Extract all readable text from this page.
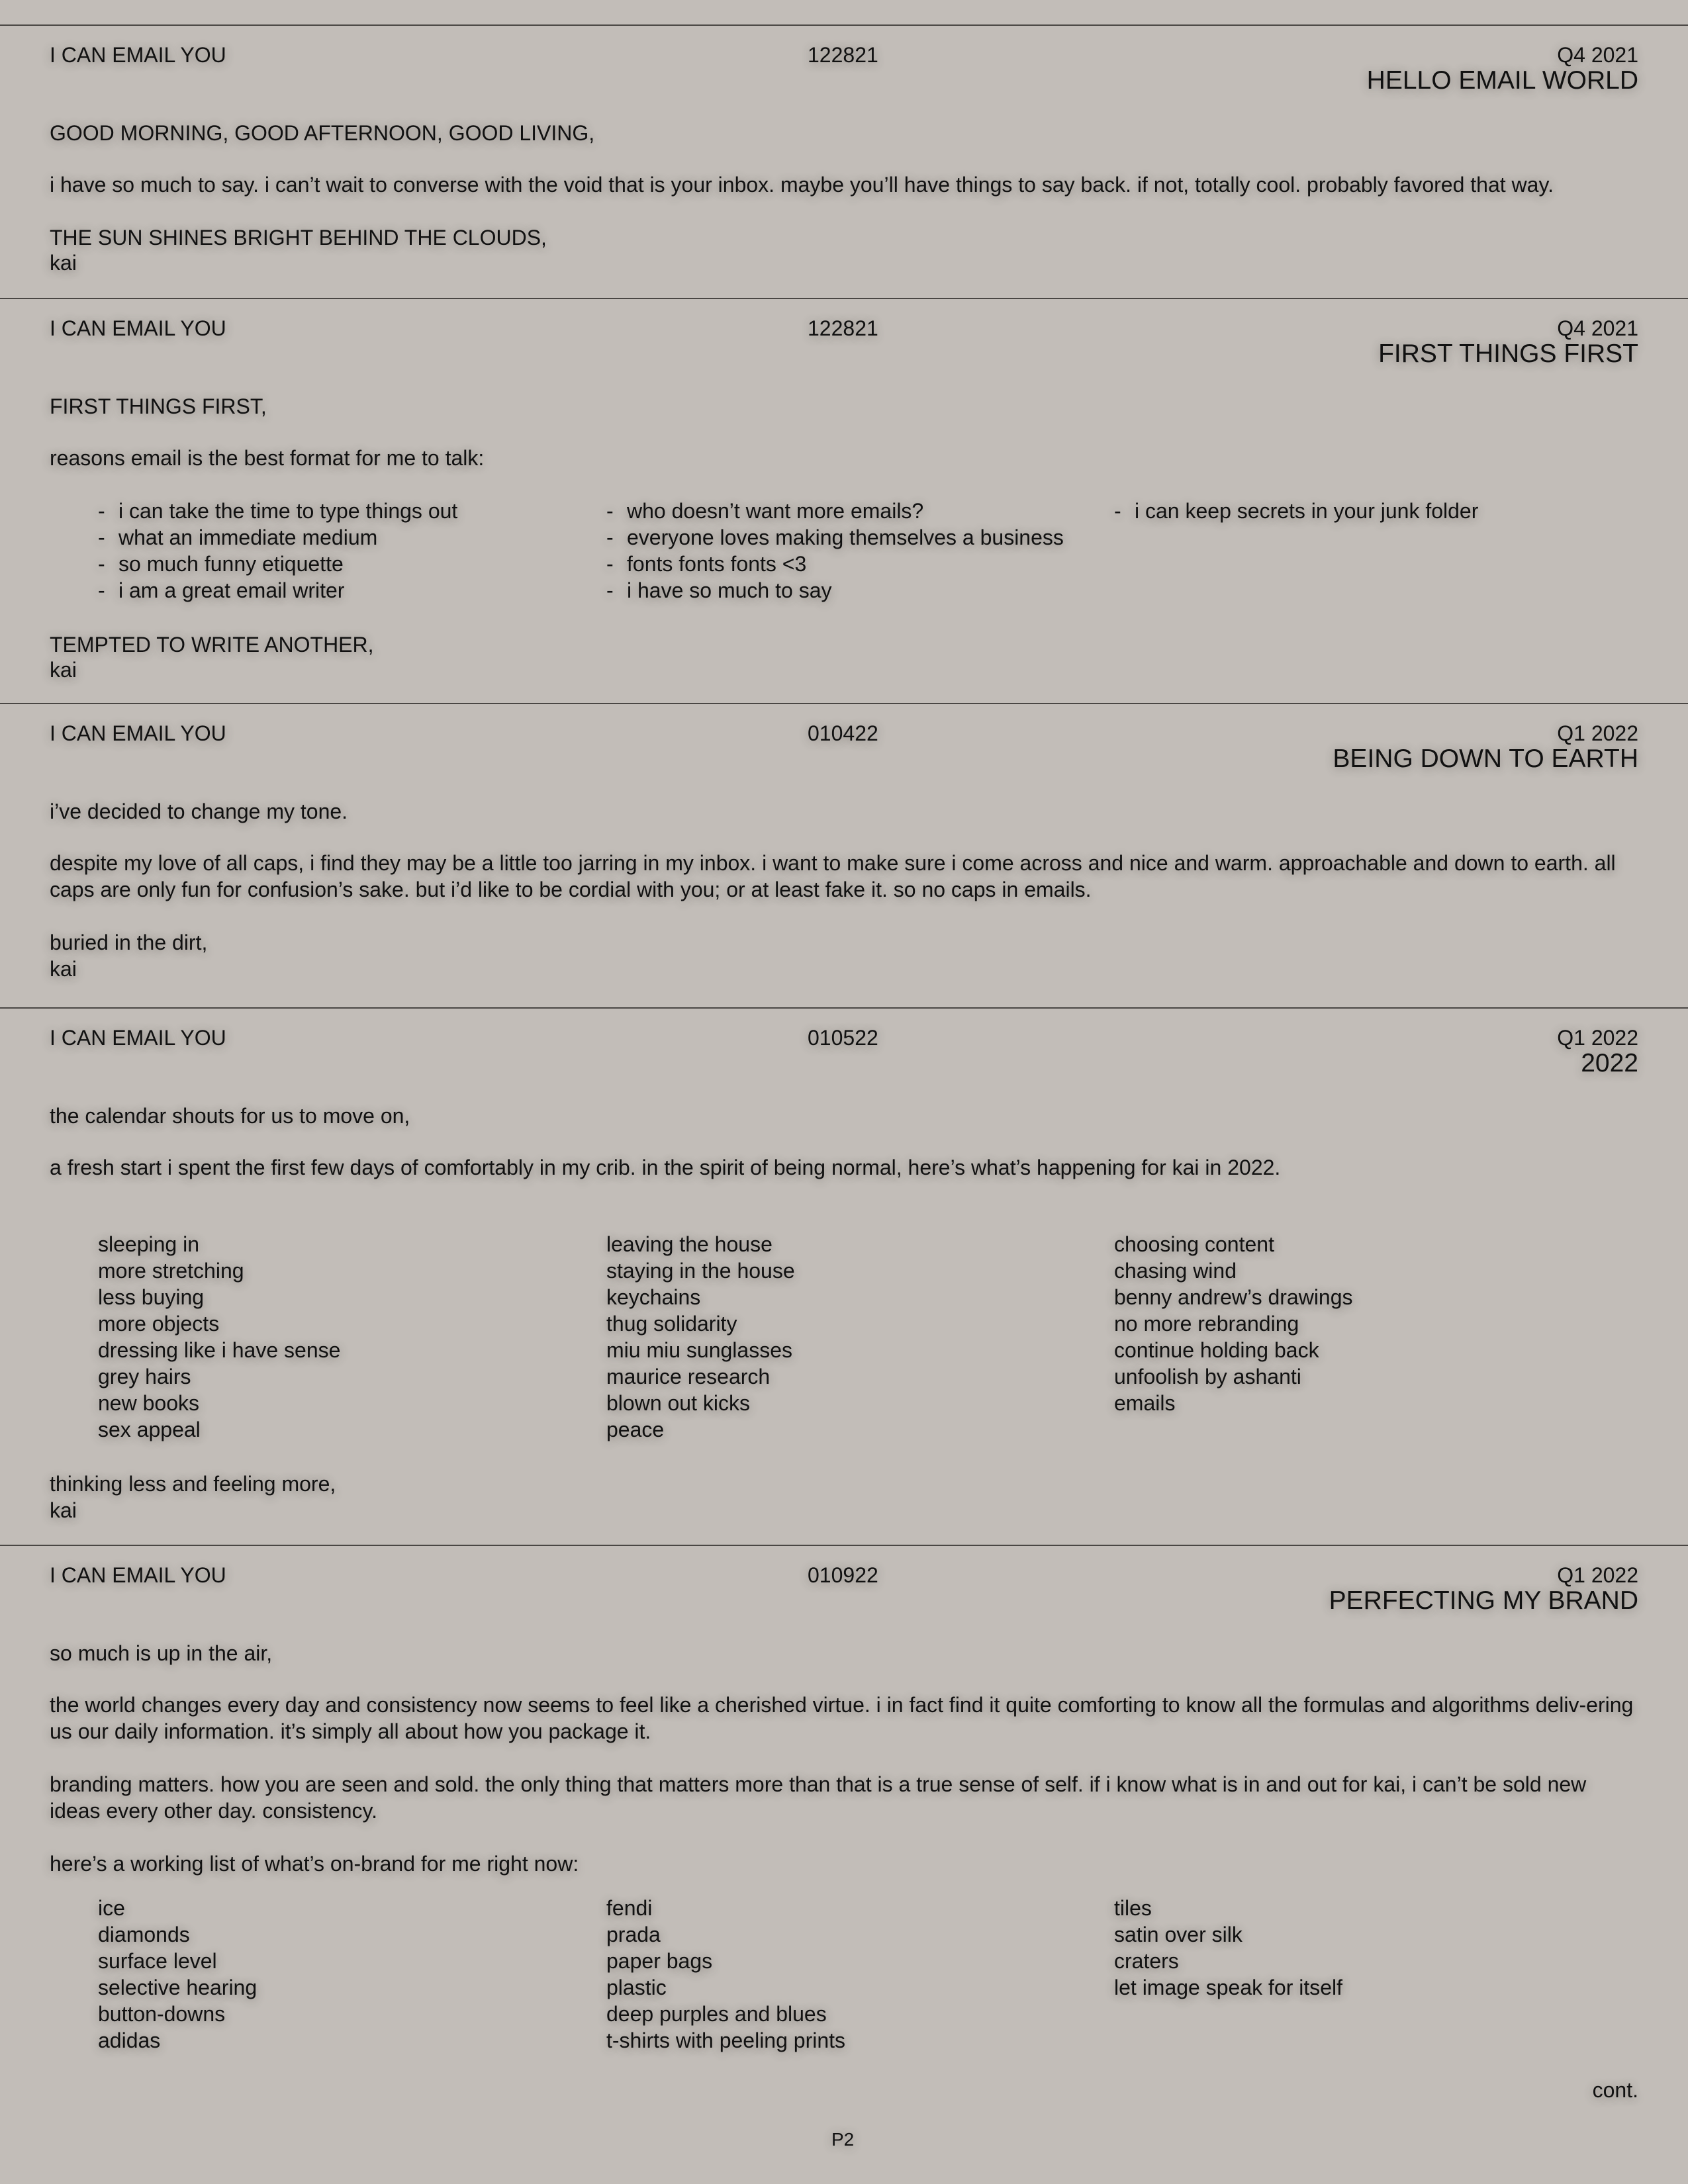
I CAN EMAIL YOU	122821	Q4 2021
HELLO EMAIL WORLD
GOOD MORNING, GOOD AFTERNOON, GOOD LIVING,
i have so much to say. i can’t wait to converse with the void that is your inbox. maybe you’ll have things to say back. if not, totally cool. probably favored that way.
THE SUN SHINES BRIGHT BEHIND THE CLOUDS,
kai
I CAN EMAIL YOU	122821	Q4 2021
FIRST THINGS FIRST
FIRST THINGS FIRST,
reasons email is the best format for me to talk:
- i can take the time to type things out
- what an immediate medium
- so much funny etiquette
- i am a great email writer
- who doesn’t want more emails?
- everyone loves making themselves a business
- fonts fonts fonts <3
- i have so much to say
- i can keep secrets in your junk folder
TEMPTED TO WRITE ANOTHER,
kai
I CAN EMAIL YOU	010422	Q1 2022
BEING DOWN TO EARTH
i’ve decided to change my tone.
despite my love of all caps, i find they may be a little too jarring in my inbox. i want to make sure i come across and nice and warm. approachable and down to earth. all caps are only fun for confusion’s sake. but i’d like to be cordial with you; or at least fake it. so no caps in emails.
buried in the dirt,
kai
I CAN EMAIL YOU	010522	Q1 2022
2022
the calendar shouts for us to move on,
a fresh start i spent the first few days of comfortably in my crib. in the spirit of being normal, here’s what’s happening for kai in 2022.
sleeping in
more stretching
less buying
more objects
dressing like i have sense
grey hairs
new books
sex appeal
leaving the house
staying in the house
keychains
thug solidarity
miu miu sunglasses
maurice research
blown out kicks
peace
choosing content
chasing wind
benny andrew’s drawings
no more rebranding
continue holding back
unfoolish by ashanti
emails
thinking less and feeling more,
kai
I CAN EMAIL YOU	010922	Q1 2022
PERFECTING MY BRAND
so much is up in the air,
the world changes every day and consistency now seems to feel like a cherished virtue. i in fact find it quite comforting to know all the formulas and algorithms deliv-ering us our daily information. it’s simply all about how you package it.
branding matters. how you are seen and sold. the only thing that matters more than that is a true sense of self. if i know what is in and out for kai, i can’t be sold new ideas every other day. consistency.
here’s a working list of what’s on-brand for me right now:
ice
diamonds
surface level
selective hearing
button-downs
adidas
fendi
prada
paper bags
plastic
deep purples and blues
t-shirts with peeling prints
tiles
satin over silk
craters
let image speak for itself
cont.
P2
